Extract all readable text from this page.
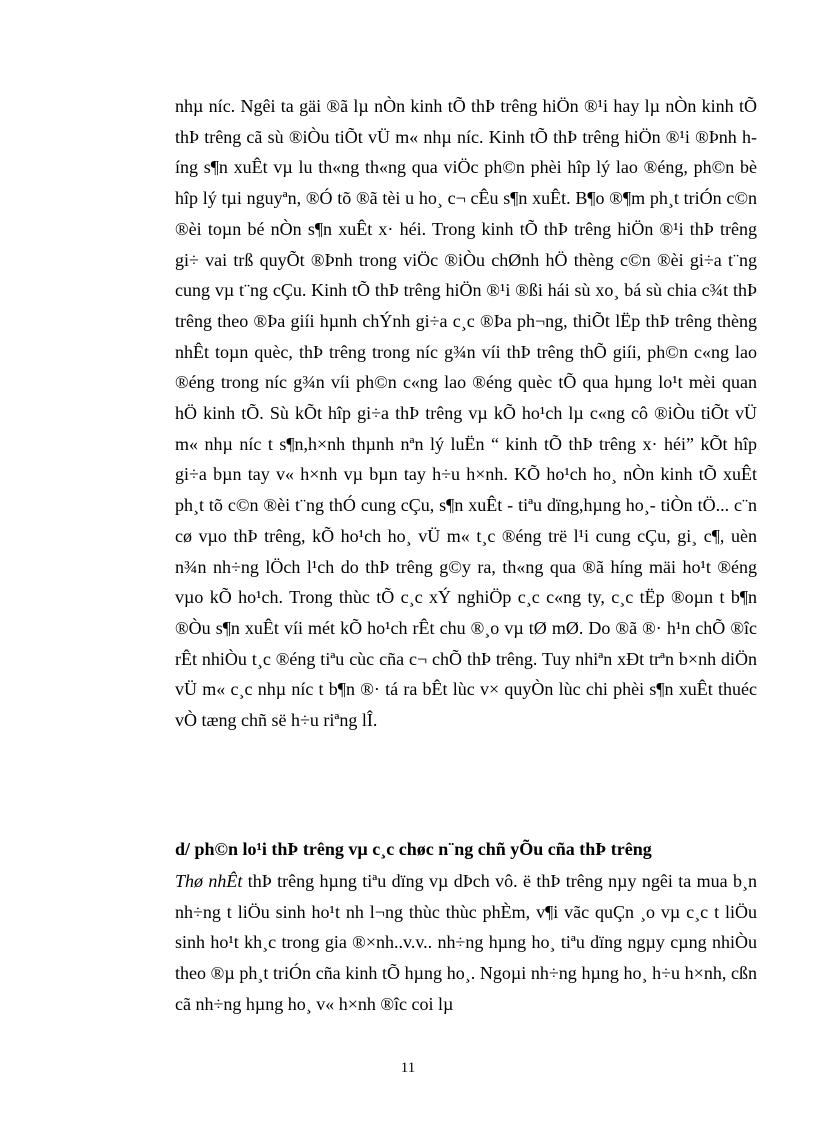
nhµ níc. Ngêi ta gäi ®ã lµ nÒn kinh tÕ thÞ trêng hiÖn ®¹i hay lµ nÒn kinh tÕ thÞ trêng cã sù ®iÒu tiÕt vÜ m« nhµ níc. Kinh tÕ thÞ trêng hiÖn ®¹i ®Þnh híng s¶n xuÊt vµ lu th«ng th«ng qua viÖc ph©n phèi hîp lý lao ®éng, ph©n bè hîp lý tµi nguyªn, ®Ó tõ ®ã tèi u ho¸ c¬ cÊu s¶n xuÊt. B¶o ®¶m ph¸t triÓn c©n ®èi toµn bé nÒn s¶n xuÊt x· héi. Trong kinh tÕ thÞ trêng hiÖn ®¹i thÞ trêng gi÷ vai trß quyÕt ®Þnh trong viÖc ®iÒu chØnh hÖ thèng c©n ®èi gi÷a t¨ng cung vµ t¨ng cÇu. Kinh tÕ thÞ trêng hiÖn ®¹i ®ßi hái sù xo¸ bá sù chia c¾t thÞ trêng theo ®Þa giíi hµnh chÝnh gi÷a c¸c ®Þa ph¬ng, thiÕt lËp thÞ trêng thèng nhÊt toµn quèc, thÞ trêng trong níc g¾n víi thÞ trêng thÕ giíi, ph©n c«ng lao ®éng trong níc g¾n víi ph©n c«ng lao ®éng quèc tÕ qua hµng lo¹t mèi quan hÖ kinh tÕ. Sù kÕt hîp gi÷a thÞ trêng vµ kÕ ho¹ch lµ c«ng cô ®iÒu tiÕt vÜ m« nhµ níc t s¶n,h×nh thµnh nªn lý luËn “ kinh tÕ thÞ trêng x· héi” kÕt hîp gi÷a bµn tay v« h×nh vµ bµn tay h÷u h×nh. KÕ ho¹ch ho¸ nÒn kinh tÕ xuÊt ph¸t tõ c©n ®èi t¨ng thÓ cung cÇu, s¶n xuÊt - tiªu dïng,hµng ho¸- tiÒn tÖ... c¨n cø vµo thÞ trêng, kÕ ho¹ch ho¸ vÜ m« t¸c ®éng trë l¹i cung cÇu, gi¸ c¶, uèn n¾n nh÷ng lÖch l¹ch do thÞ trêng g©y ra, th«ng qua ®ã híng mäi ho¹t ®éng vµo kÕ ho¹ch. Trong thùc tÕ c¸c xÝ nghiÖp c¸c c«ng ty, c¸c tËp ®oµn t b¶n ®Òu s¶n xuÊt víi mét kÕ ho¹ch rÊt chu ®¸o vµ tØ mØ. Do ®ã ®· h¹n chÕ ®îc rÊt nhiÒu t¸c ®éng tiªu cùc cña c¬ chÕ thÞ trêng. Tuy nhiªn xÐt trªn b×nh diÖn vÜ m« c¸c nhµ níc t b¶n ®· tá ra bÊt lùc v× quyÒn lùc chi phèi s¶n xuÊt thuéc vÒ tæng chñ së h÷u riªng lÎ.

d/ ph©n lo¹i thÞ trêng vµ c¸c chøc n¨ng chñ yÕu cña thÞ trêng

Thø nhÊt thÞ trêng hµng tiªu dïng vµ dÞch vô. ë thÞ trêng nµy ngêi ta mua b¸n nh÷ng t liÖu sinh ho¹t nh l¬ng thùc thùc phÈm, v¶i vãc quÇn ¸o vµ c¸c t liÖu sinh ho¹t kh¸c trong gia ®×nh..v.v.. nh÷ng hµng ho¸ tiªu dïng ngµy cµng nhiÒu theo ®µ ph¸t triÓn cña kinh tÕ hµng ho¸. Ngoµi nh÷ng hµng ho¸ h÷u h×nh, cßn cã nh÷ng hµng ho¸ v« h×nh ®îc coi lµ

11
